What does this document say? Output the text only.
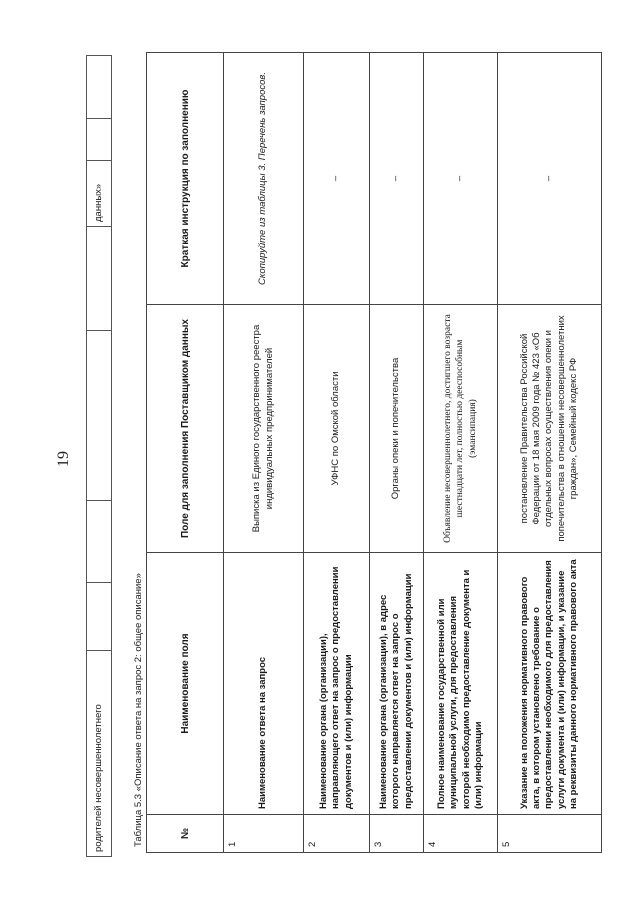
19
родителей несовершеннолетнего
данных»
Таблица 5.3 «Описание ответа на запрос 2: общее описание»	№	Наименование поля	Поле для заполнения Поставщиком данных	Краткая инструкция по заполнению
1	Наименование ответа на запрос	Выписка из Единого государственного реестра индивидуальных предпринимателей	Скопируйте из таблицы 3. Перечень запросов.
2	Наименование органа (организации), направляющего ответ на запрос о предоставлении документов и (или) информации	УФНС по Омской области	–
3	Наименование органа (организации), в адрес которого направляется ответ на запрос о предоставлении документов и (или) информации	Органы опеки и попечительства	–
4	Полное наименование государственной или муниципальной услуги, для предоставления которой необходимо предоставление документа и (или) информации	Объявление несовершеннолетнего, достигшего возраста шестнадцати лет, полностью дееспособным (эмансипация)	–
5	Указание на положения нормативного правового акта, в котором установлено требование о предоставлении необходимого для предоставления услуги документа и (или) информации, и указание на реквизиты данного нормативного правового акта	постановление Правительства Российской Федерации от 18 мая 2009 года № 423 «Об отдельных вопросах осуществления опеки и попечительства в отношении несовершеннолетних граждан», Семейный кодекс РФ	–
